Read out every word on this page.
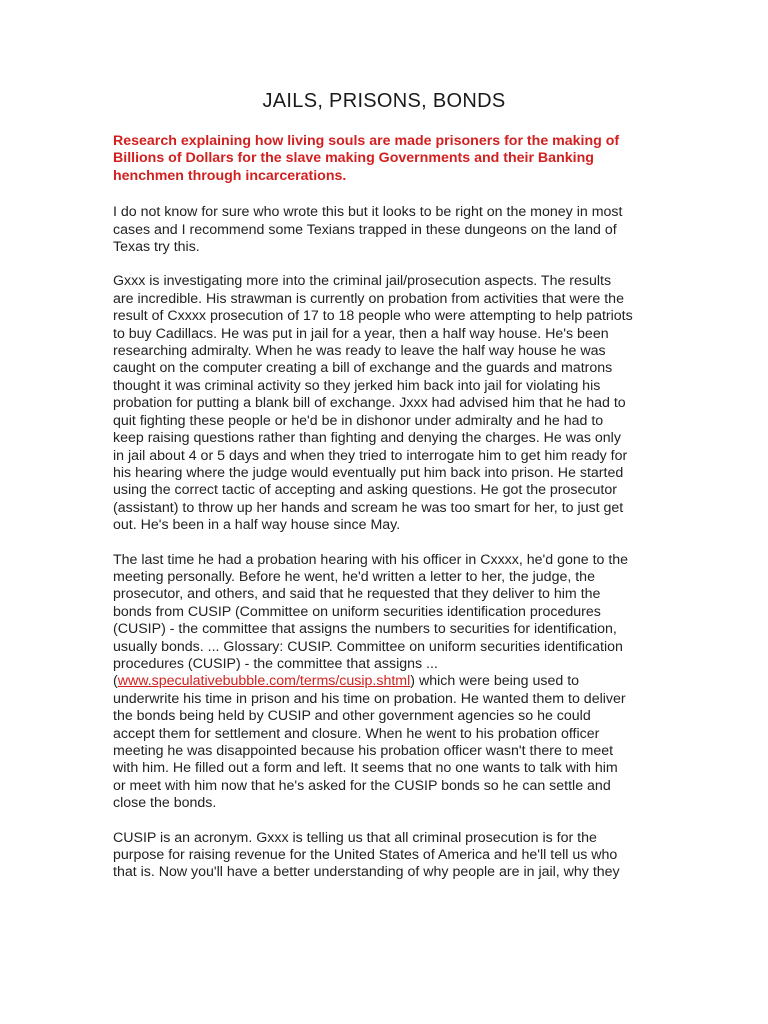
JAILS, PRISONS, BONDS

Research explaining how living souls are made prisoners for the making of Billions of Dollars for the slave making Governments and their Banking henchmen through incarcerations.

I do not know for sure who wrote this but it looks to be right on the money in most cases and I recommend some Texians trapped in these dungeons on the land of Texas try this.

Gxxx is investigating more into the criminal jail/prosecution aspects. The results are incredible. His strawman is currently on probation from activities that were the result of Cxxxx prosecution of 17 to 18 people who were attempting to help patriots to buy Cadillacs. He was put in jail for a year, then a half way house. He's been researching admiralty. When he was ready to leave the half way house he was caught on the computer creating a bill of exchange and the guards and matrons thought it was criminal activity so they jerked him back into jail for violating his probation for putting a blank bill of exchange. Jxxx had advised him that he had to quit fighting these people or he'd be in dishonor under admiralty and he had to keep raising questions rather than fighting and denying the charges. He was only in jail about 4 or 5 days and when they tried to interrogate him to get him ready for his hearing where the judge would eventually put him back into prison. He started using the correct tactic of accepting and asking questions. He got the prosecutor (assistant) to throw up her hands and scream he was too smart for her, to just get out. He's been in a half way house since May.

The last time he had a probation hearing with his officer in Cxxxx, he'd gone to the meeting personally. Before he went, he'd written a letter to her, the judge, the prosecutor, and others, and said that he requested that they deliver to him the bonds from CUSIP (Committee on uniform securities identification procedures (CUSIP) - the committee that assigns the numbers to securities for identification, usually bonds. ... Glossary: CUSIP. Committee on uniform securities identification procedures (CUSIP) - the committee that assigns ... (www.speculativebubble.com/terms/cusip.shtml) which were being used to underwrite his time in prison and his time on probation. He wanted them to deliver the bonds being held by CUSIP and other government agencies so he could accept them for settlement and closure. When he went to his probation officer meeting he was disappointed because his probation officer wasn't there to meet with him. He filled out a form and left. It seems that no one wants to talk with him or meet with him now that he's asked for the CUSIP bonds so he can settle and close the bonds.

CUSIP is an acronym. Gxxx is telling us that all criminal prosecution is for the purpose for raising revenue for the United States of America and he'll tell us who that is. Now you'll have a better understanding of why people are in jail, why they
